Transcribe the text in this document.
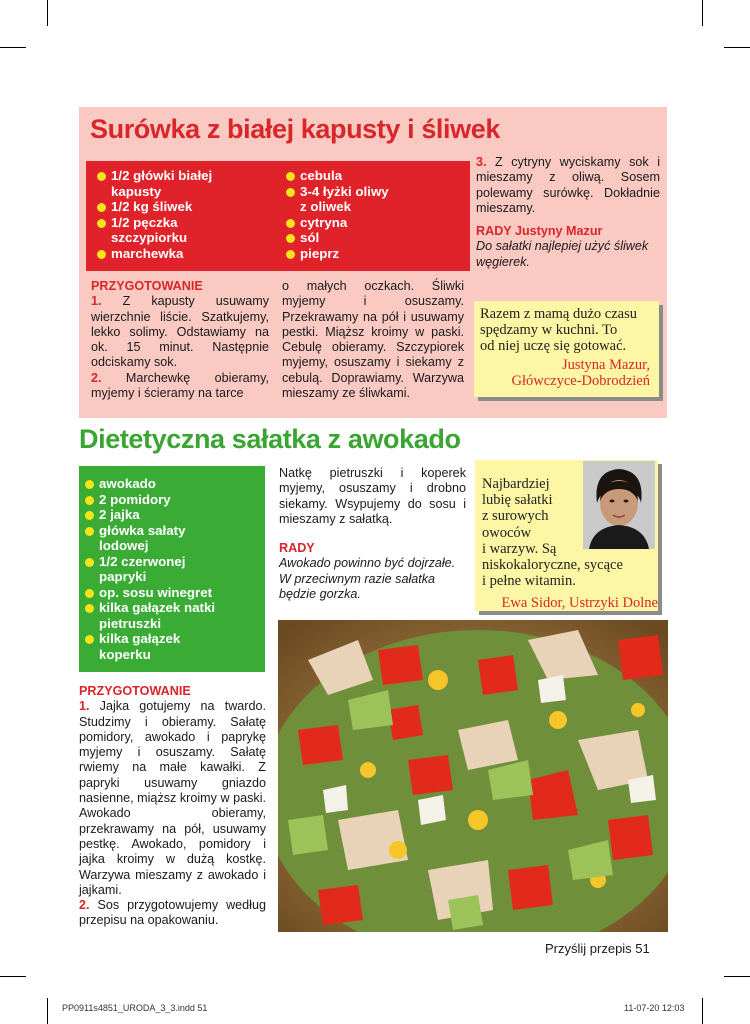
Surówka z białej kapusty i śliwek
1/2 główki białej
kapusty
1/2 kg śliwek
1/2 pęczka
szczypiorku
marchewka
cebula
3-4 łyżki oliwy
z oliwek
cytryna
sól
pieprz
PRZYGOTOWANIE
1. Z kapusty usuwamy wierzchnie liście. Szatkujemy, lekko solimy. Odstawiamy na ok. 15 minut. Następnie odciskamy sok.
2. Marchewkę obieramy, myjemy i ścieramy na tarce
o małych oczkach. Śliwki myjemy i osuszamy. Przekrawamy na pół i usuwamy pestki. Miąższ kroimy w paski. Cebulę obieramy. Szczypiorek myjemy, osuszamy i siekamy z cebulą. Doprawiamy. Warzywa mieszamy ze śliwkami.
3. Z cytryny wyciskamy sok i mieszamy z oliwą. Sosem polewamy surówkę. Dokładnie mieszamy.
RADY Justyny Mazur
Do sałatki najlepiej użyć śliwek węgierek.
Razem z mamą dużo czasu
spędzamy w kuchni. To
od niej uczę się gotować.
Justyna Mazur,
Główczyce-Dobrodzień
Dietetyczna sałatka z awokado
awokado
2 pomidory
2 jajka
główka sałaty
lodowej
1/2 czerwonej
papryki
op. sosu winegret
kilka gałązek natki
pietruszki
kilka gałązek
koperku
PRZYGOTOWANIE
1. Jajka gotujemy na twardo. Studzimy i obieramy. Sałatę pomidory, awokado i paprykę myjemy i osuszamy. Sałatę rwiemy na małe kawałki. Z papryki usuwamy gniazdo nasienne, miąższ kroimy w paski. Awokado obieramy, przekrawamy na pół, usuwamy pestkę. Awokado, pomidory i jajka kroimy w dużą kostkę. Warzywa mieszamy z awokado i jajkami.
2. Sos przygotowujemy według przepisu na opakowaniu.
Natkę pietruszki i koperek myjemy, osuszamy i drobno siekamy. Wsypujemy do sosu i mieszamy z sałatką.
RADY
Awokado powinno być dojrzałe. W przeciwnym razie sałatka będzie gorzka.
Najbardziej
lubię sałatki
z surowych
owoców
i warzyw. Są
niskokaloryczne, sycące
i pełne witamin.
Ewa Sidor, Ustrzyki Dolne
Przyślij przepis 51
PP0911s4851_URODA_3_3.indd 51	11-07-20 12:03
